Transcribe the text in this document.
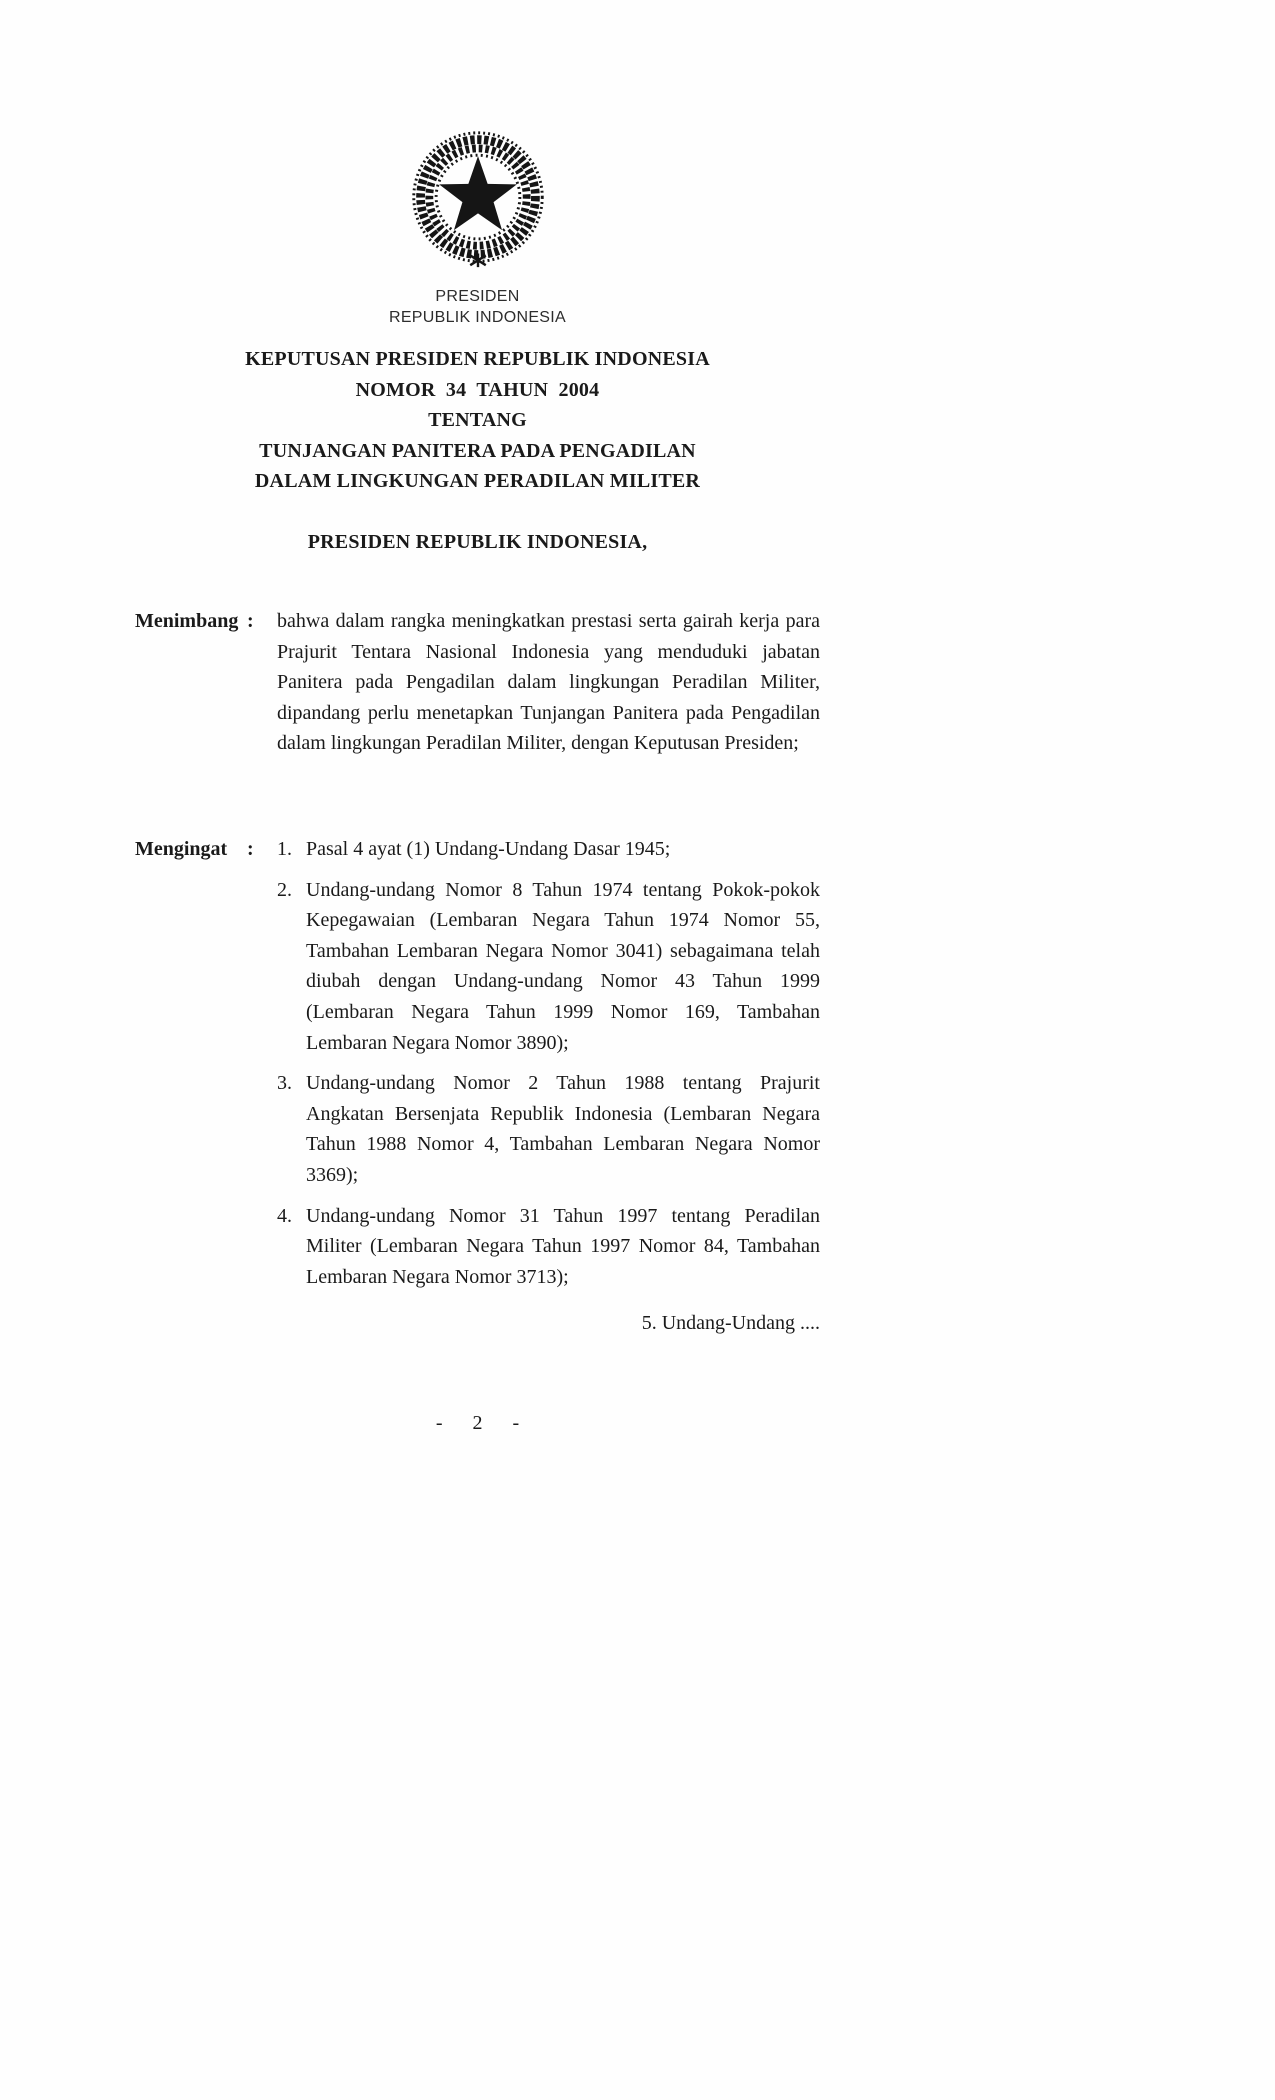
PRESIDEN
REPUBLIK INDONESIA
KEPUTUSAN PRESIDEN REPUBLIK INDONESIA
NOMOR  34  TAHUN  2004
TENTANG
TUNJANGAN PANITERA PADA PENGADILAN
DALAM LINGKUNGAN PERADILAN MILITER
PRESIDEN REPUBLIK INDONESIA,
Menimbang : bahwa dalam rangka meningkatkan prestasi serta gairah kerja para Prajurit Tentara Nasional Indonesia yang menduduki jabatan Panitera pada Pengadilan dalam lingkungan Peradilan Militer, dipandang perlu menetapkan Tunjangan Panitera pada Pengadilan dalam lingkungan Peradilan Militer, dengan Keputusan Presiden;
Mengingat : 1. Pasal 4 ayat (1) Undang-Undang Dasar 1945;
2. Undang-undang Nomor 8 Tahun 1974 tentang Pokok-pokok Kepegawaian (Lembaran Negara Tahun 1974 Nomor 55, Tambahan Lembaran Negara Nomor 3041) sebagaimana telah diubah dengan Undang-undang Nomor 43 Tahun 1999 (Lembaran Negara Tahun 1999 Nomor 169, Tambahan Lembaran Negara Nomor 3890);
3. Undang-undang Nomor 2 Tahun 1988 tentang Prajurit Angkatan Bersenjata Republik Indonesia (Lembaran Negara Tahun 1988 Nomor 4, Tambahan Lembaran Negara Nomor 3369);
4. Undang-undang Nomor 31 Tahun 1997 tentang Peradilan Militer (Lembaran Negara Tahun 1997 Nomor 84, Tambahan Lembaran Negara Nomor 3713);
5. Undang-Undang ....
-      2      -
